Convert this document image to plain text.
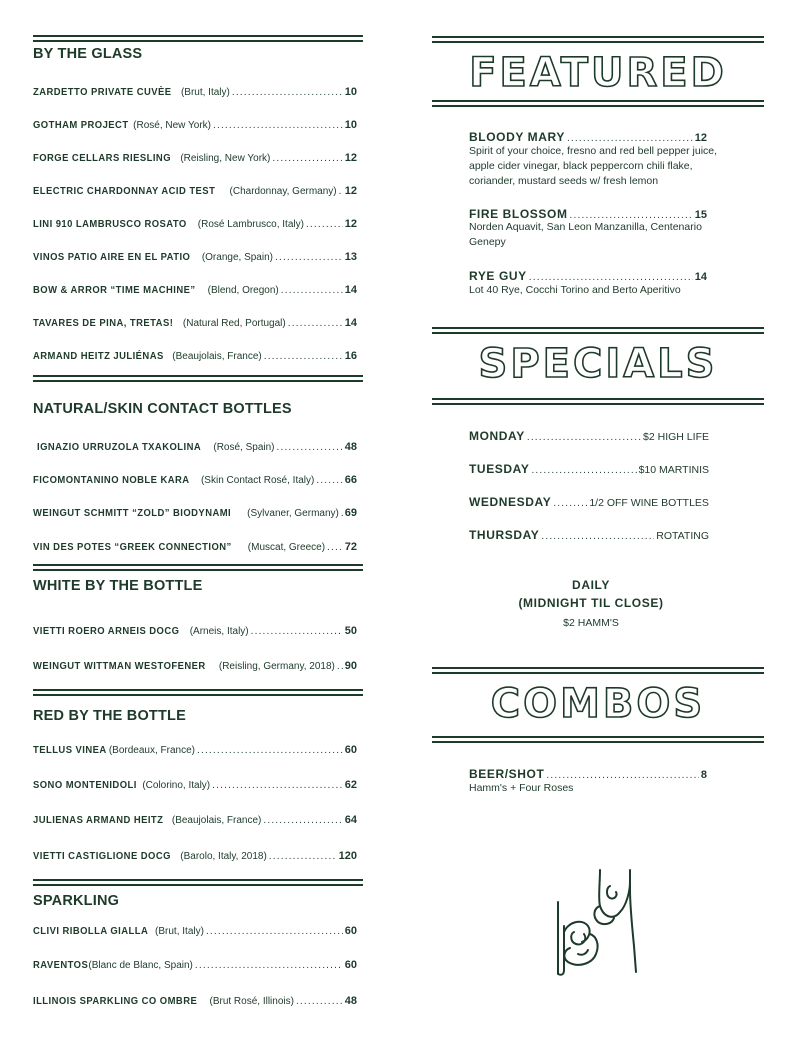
BY THE GLASS
ZARDETTO PRIVATE CUVÈE (Brut, Italy) .....	10
GOTHAM PROJECT (Rosé, New York) .....	10
FORGE CELLARS RIESLING (Reisling, New York) .....	12
ELECTRIC CHARDONNAY ACID TEST (Chardonnay, Germany) ..... 12
LINI 910 LAMBRUSCO ROSATO (Rosé Lambrusco, Italy) .....	12
VINOS PATIO AIRE EN EL PATIO (Orange, Spain) .....	13
BOW & ARROR “TIME MACHINE” (Blend, Oregon) .....	14
TAVARES DE PINA, TRETAS! (Natural Red, Portugal) .....	14
ARMAND HEITZ JULIÉNAS (Beaujolais, France) .....	16
NATURAL/SKIN CONTACT BOTTLES
IGNAZIO URRUZOLA TXAKOLINA (Rosé, Spain) .....	48
FICOMONTANINO NOBLE KARA (Skin Contact Rosé, Italy) .....	66
WEINGUT SCHMITT “ZOLD” BIODYNAMI (Sylvaner, Germany) ..... 69
VIN DES POTES “GREEK CONNECTION” (Muscat, Greece) ..... 72
WHITE BY THE BOTTLE
VIETTI ROERO ARNEIS DOCG (Arneis, Italy) .....	50
WEINGUT WITTMAN WESTOFENER (Reisling, Germany, 2018) ..... 90
RED BY THE BOTTLE
TELLUS VINEA (Bordeaux, France) .....	60
SONO MONTENIDOLI (Colorino, Italy) .....	62
JULIENAS ARMAND HEITZ (Beaujolais, France) .....	64
VIETTI CASTIGLIONE DOCG (Barolo, Italy, 2018) .....	120
SPARKLING
CLIVI RIBOLLA GIALLA (Brut, Italy) .....	60
RAVENTOS (Blanc de Blanc, Spain) .....	60
ILLINOIS SPARKLING CO OMBRE (Brut Rosé, Illinois) .....	48
FEATURED
BLOODY MARY .....	12
Spirit of your choice, fresno and red bell pepper juice, apple cider vinegar, black peppercorn chili flake, coriander, mustard seeds w/ fresh lemon
FIRE BLOSSOM .....	15
Norden Aquavit, San Leon Manzanilla, Centenario Genepy
RYE GUY .....	14
Lot 40 Rye, Cocchi Torino and Berto Aperitivo
SPECIALS
MONDAY .....	$2 HIGH LIFE
TUESDAY .....	$10 MARTINIS
WEDNESDAY .....	1/2 OFF WINE BOTTLES
THURSDAY .....	ROTATING
DAILY
(MIDNIGHT TIL CLOSE)
$2 HAMM'S
COMBOS
BEER/SHOT .....	8
Hamm's + Four Roses
